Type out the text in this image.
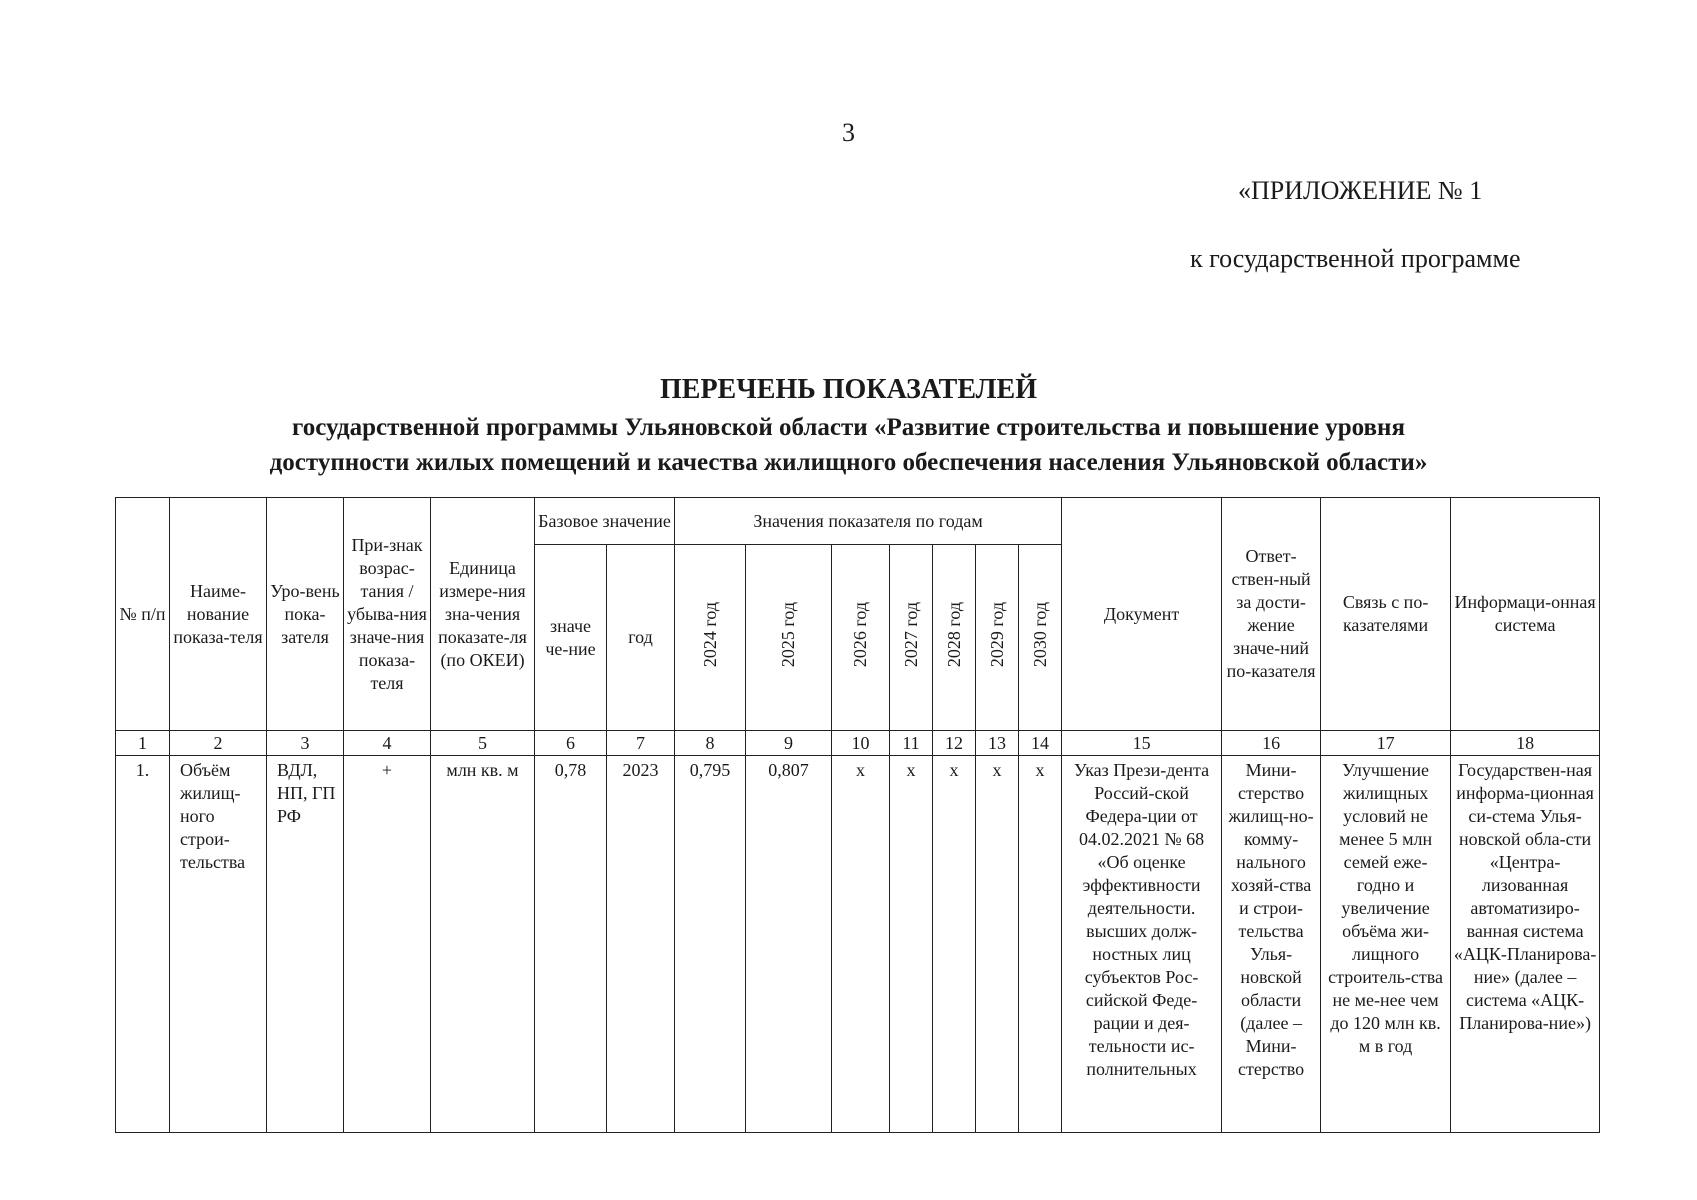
3
«ПРИЛОЖЕНИЕ № 1
к государственной программе
ПЕРЕЧЕНЬ ПОКАЗАТЕЛЕЙ
государственной программы Ульяновской области «Развитие строительства и повышение уровня
доступности жилых помещений и качества жилищного обеспечения населения Ульяновской области»
№ п/п	Наиме-нование показа-теля	Уро-вень пока-зателя	При-знак возрас-тания / убыва-ния значе-ния показа-теля	Единица измере-ния зна-чения показате-ля (по ОКЕИ)	Базовое значение		Значения показателя по годам							Документ	Ответ-ствен-ный за дости-жение значе-ний по-казателя	Связь с по-казателями	Информаци-онная система
					значе че-ние	год	2024 год	2025 год	2026 год	2027 год	2028 год	2029 год	2030 год				
1	2	3	4	5	6	7	8	9	10	11	12	13	14	15	16	17	18
1.	Объём жилищ-ного строи-тельства	ВДЛ, НП, ГП РФ	+	млн кв. м	0,78	2023	0,795	0,807	х	х	х	х	х	Указ Прези-дента Россий-ской Федера-ции от 04.02.2021 № 68 «Об оценке эффективности деятельности. высших долж-ностных лиц субъектов Рос-сийской Феде-рации и дея-тельности ис-полнительных	Мини-стерство жилищ-но-комму-нального хозяй-ства и строи-тельства Улья-новской области (далее – Мини-стерство	Улучшение жилищных условий не менее 5 млн семей еже-годно и увеличение объёма жи-лищного строитель-ства не ме-нее чем до 120 млн кв. м в год	Государствен-ная информа-ционная си-стема Улья-новской обла-сти «Центра-лизованная автоматизиро-ванная система «АЦК-Планирова-ние» (далее – система «АЦК-Планирова-ние»)
